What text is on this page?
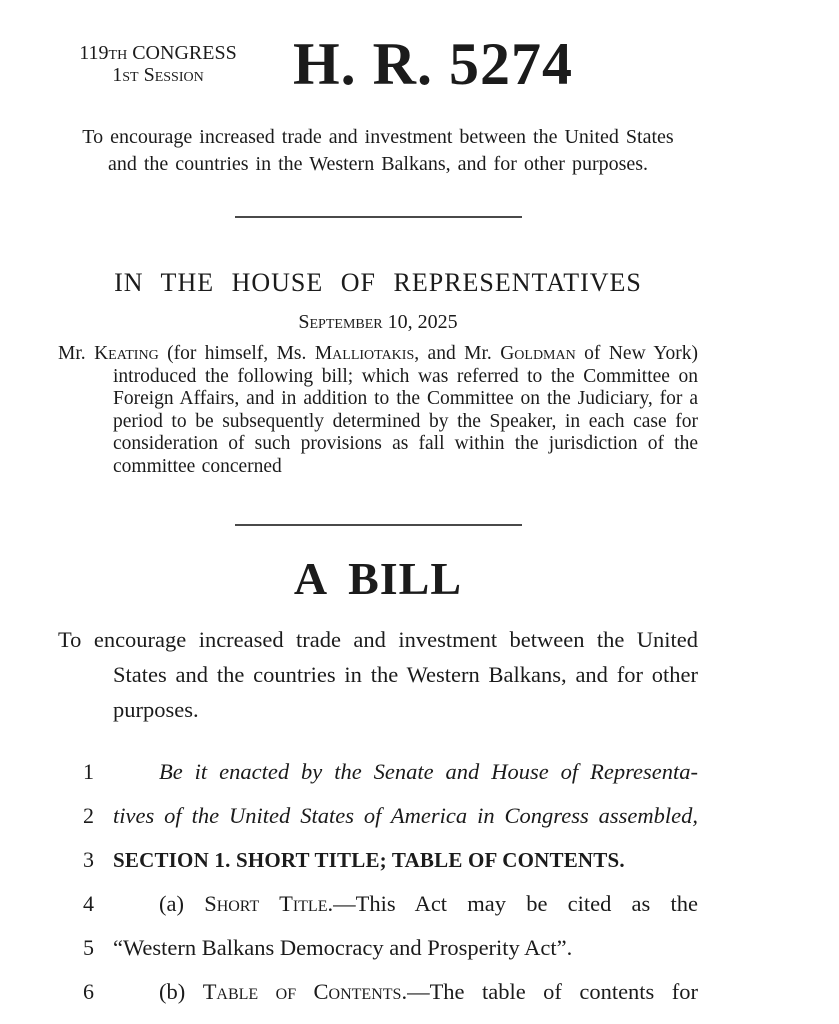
119th CONGRESS
1st Session	H. R. 5274
To encourage increased trade and investment between the United States and the countries in the Western Balkans, and for other purposes.
IN THE HOUSE OF REPRESENTATIVES
September 10, 2025
Mr. Keating (for himself, Ms. Malliotakis, and Mr. Goldman of New York) introduced the following bill; which was referred to the Committee on Foreign Affairs, and in addition to the Committee on the Judiciary, for a period to be subsequently determined by the Speaker, in each case for consideration of such provisions as fall within the jurisdiction of the committee concerned
A BILL
To encourage increased trade and investment between the United States and the countries in the Western Balkans, and for other purposes.
1	Be it enacted by the Senate and House of Representa-
2 tives of the United States of America in Congress assembled,
3 SECTION 1. SHORT TITLE; TABLE OF CONTENTS.
4	(a) Short Title.—This Act may be cited as the
5 “Western Balkans Democracy and Prosperity Act”.
6	(b) Table of Contents.—The table of contents for
